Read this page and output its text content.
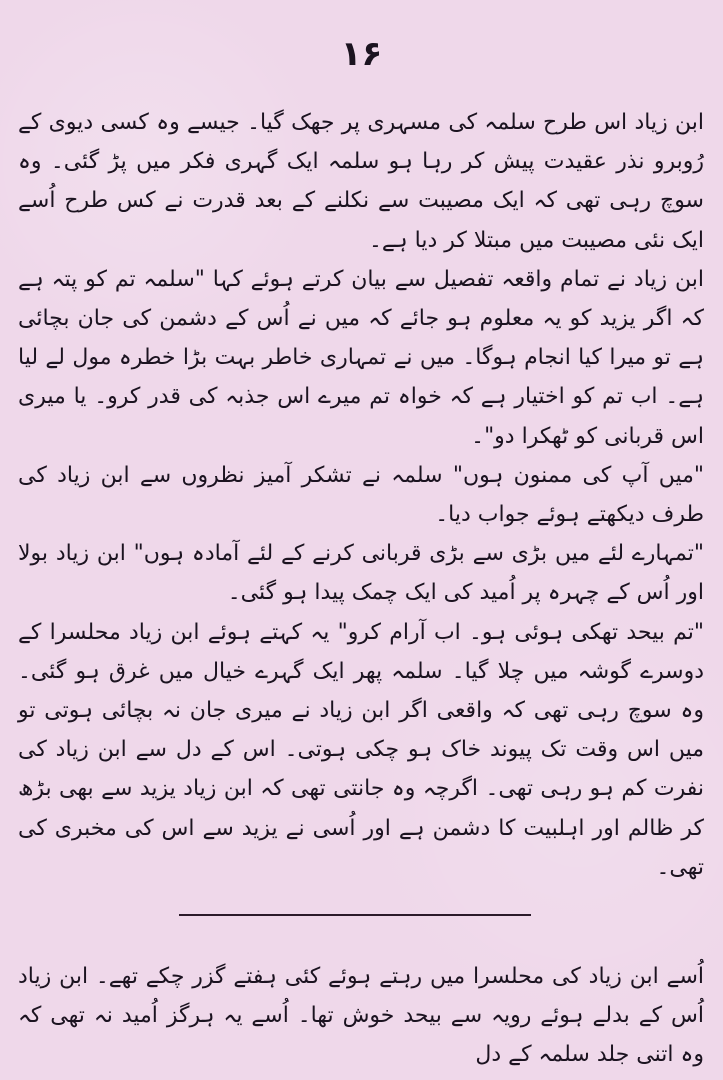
۱۶

ابن زیاد اس طرح سلمہ کی مسہری پر جھک گیا۔ جیسے وہ کسی دیوی کے رُوبرو نذر عقیدت پیش کر رہا ہو سلمہ ایک گہری فکر میں پڑ گئی۔ وہ سوچ رہی تھی کہ ایک مصیبت سے نکلنے کے بعد قدرت نے کس طرح اُسے ایک نئی مصیبت میں مبتلا کر دیا ہے۔

ابن زیاد نے تمام واقعہ تفصیل سے بیان کرتے ہوئے کہا "سلمہ تم کو پتہ ہے کہ اگر یزید کو یہ معلوم ہو جائے کہ میں نے اُس کے دشمن کی جان بچائی ہے تو میرا کیا انجام ہوگا۔ میں نے تمہاری خاطر بہت بڑا خطرہ مول لے لیا ہے۔ اب تم کو اختیار ہے کہ خواہ تم میرے اس جذبہ کی قدر کرو۔ یا میری اس قربانی کو ٹھکرا دو"۔

"میں آپ کی ممنون ہوں" سلمہ نے تشکر آمیز نظروں سے ابن زیاد کی طرف دیکھتے ہوئے جواب دیا۔

"تمہارے لئے میں بڑی سے بڑی قربانی کرنے کے لئے آمادہ ہوں" ابن زیاد بولا اور اُس کے چہرہ پر اُمید کی ایک چمک پیدا ہو گئی۔

"تم بیحد تھکی ہوئی ہو۔ اب آرام کرو" یہ کہتے ہوئے ابن زیاد محلسرا کے دوسرے گوشہ میں چلا گیا۔ سلمہ پھر ایک گہرے خیال میں غرق ہو گئی۔ وہ سوچ رہی تھی کہ واقعی اگر ابن زیاد نے میری جان نہ بچائی ہوتی تو میں اس وقت تک پیوند خاک ہو چکی ہوتی۔ اس کے دل سے ابن زیاد کی نفرت کم ہو رہی تھی۔ اگرچہ وہ جانتی تھی کہ ابن زیاد یزید سے بھی بڑھ کر ظالم اور اہلبیت کا دشمن ہے اور اُسی نے یزید سے اس کی مخبری کی تھی۔

اُسے ابن زیاد کی محلسرا میں رہتے ہوئے کئی ہفتے گزر چکے تھے۔ ابن زیاد اُس کے بدلے ہوئے رویہ سے بیحد خوش تھا۔ اُسے یہ ہرگز اُمید نہ تھی کہ وہ اتنی جلد سلمہ کے دل
